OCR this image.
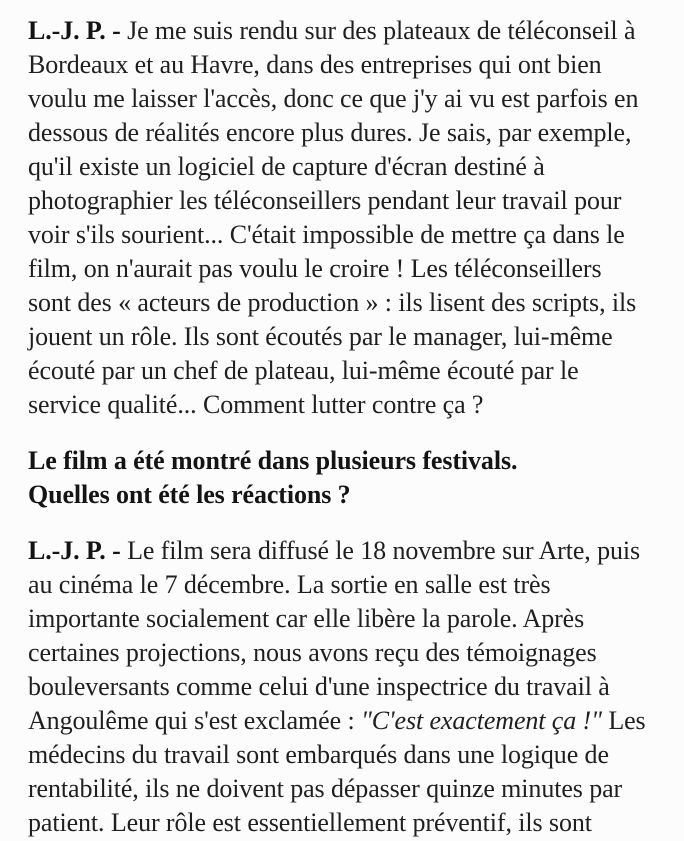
L.-J. P. - Je me suis rendu sur des plateaux de téléconseil à
Bordeaux et au Havre, dans des entreprises qui ont bien
voulu me laisser l'accès, donc ce que j'y ai vu est parfois en
dessous de réalités encore plus dures. Je sais, par exemple,
qu'il existe un logiciel de capture d'écran destiné à
photographier les téléconseillers pendant leur travail pour
voir s'ils sourient... C'était impossible de mettre ça dans le
film, on n'aurait pas voulu le croire ! Les téléconseillers
sont des « acteurs de production » : ils lisent des scripts, ils
jouent un rôle. Ils sont écoutés par le manager, lui-même
écouté par un chef de plateau, lui-même écouté par le
service qualité... Comment lutter contre ça ?
Le film a été montré dans plusieurs festivals.
Quelles ont été les réactions ?
L.-J. P. - Le film sera diffusé le 18 novembre sur Arte, puis
au cinéma le 7 décembre. La sortie en salle est très
importante socialement car elle libère la parole. Après
certaines projections, nous avons reçu des témoignages
bouleversants comme celui d'une inspectrice du travail à
Angoulême qui s'est exclamée : "C'est exactement ça !" Les
médecins du travail sont embarqués dans une logique de
rentabilité, ils ne doivent pas dépasser quinze minutes par
patient. Leur rôle est essentiellement préventif, ils sont
